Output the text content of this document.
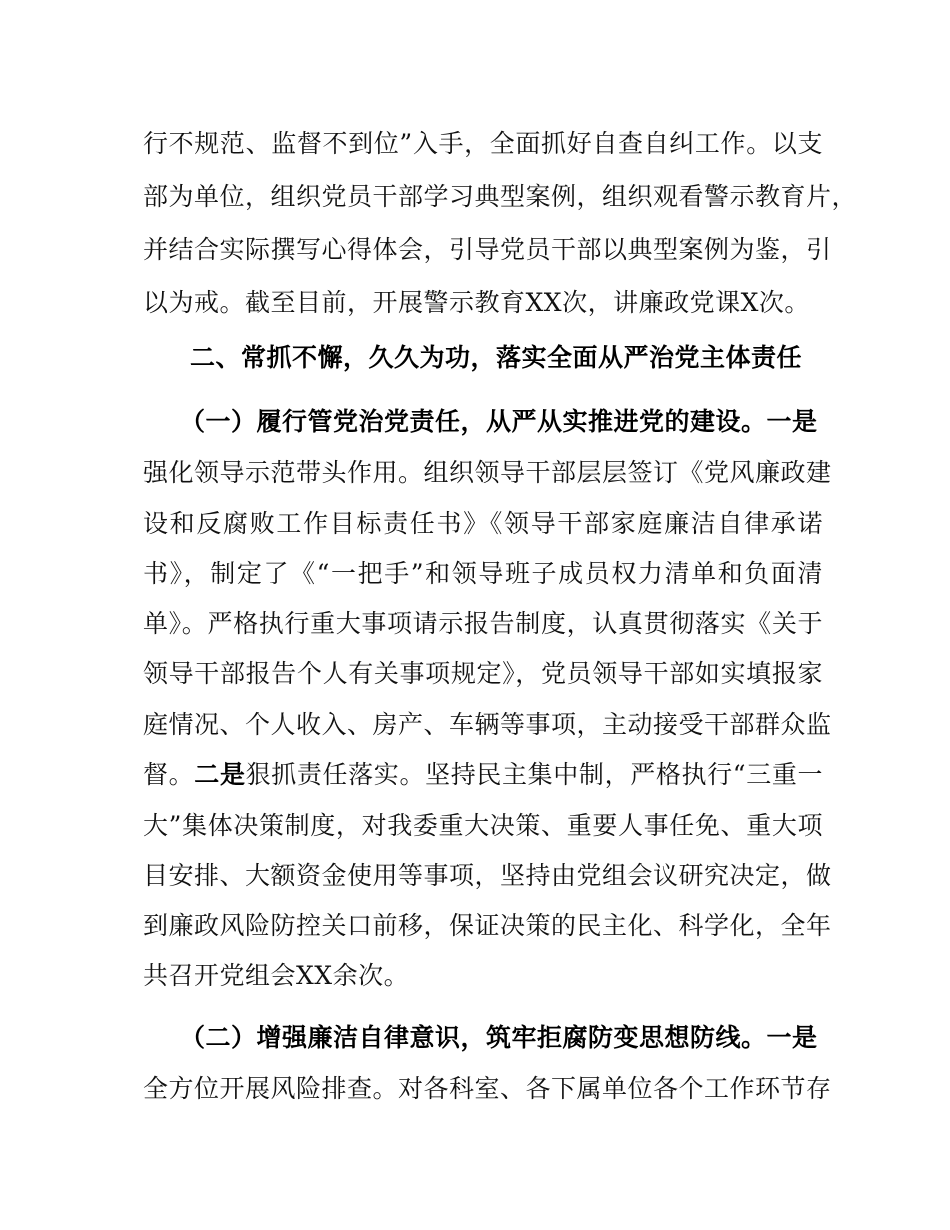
行不规范、监督不到位”入手，全面抓好自查自纠工作。以支
部为单位，组织党员干部学习典型案例，组织观看警示教育片，
并结合实际撰写心得体会，引导党员干部以典型案例为鉴，引
以为戒。截至目前，开展警示教育XX次，讲廉政党课X次。
二、常抓不懈，久久为功，落实全面从严治党主体责任
（一）履行管党治党责任，从严从实推进党的建设。一是
强化领导示范带头作用。组织领导干部层层签订《党风廉政建
设和反腐败工作目标责任书》《领导干部家庭廉洁自律承诺
书》，制定了《“一把手”和领导班子成员权力清单和负面清
单》。严格执行重大事项请示报告制度，认真贯彻落实《关于
领导干部报告个人有关事项规定》，党员领导干部如实填报家
庭情况、个人收入、房产、车辆等事项，主动接受干部群众监
督。二是狠抓责任落实。坚持民主集中制，严格执行“三重一
大”集体决策制度，对我委重大决策、重要人事任免、重大项
目安排、大额资金使用等事项，坚持由党组会议研究决定，做
到廉政风险防控关口前移，保证决策的民主化、科学化，全年
共召开党组会XX余次。
（二）增强廉洁自律意识，筑牢拒腐防变思想防线。一是
全方位开展风险排查。对各科室、各下属单位各个工作环节存
